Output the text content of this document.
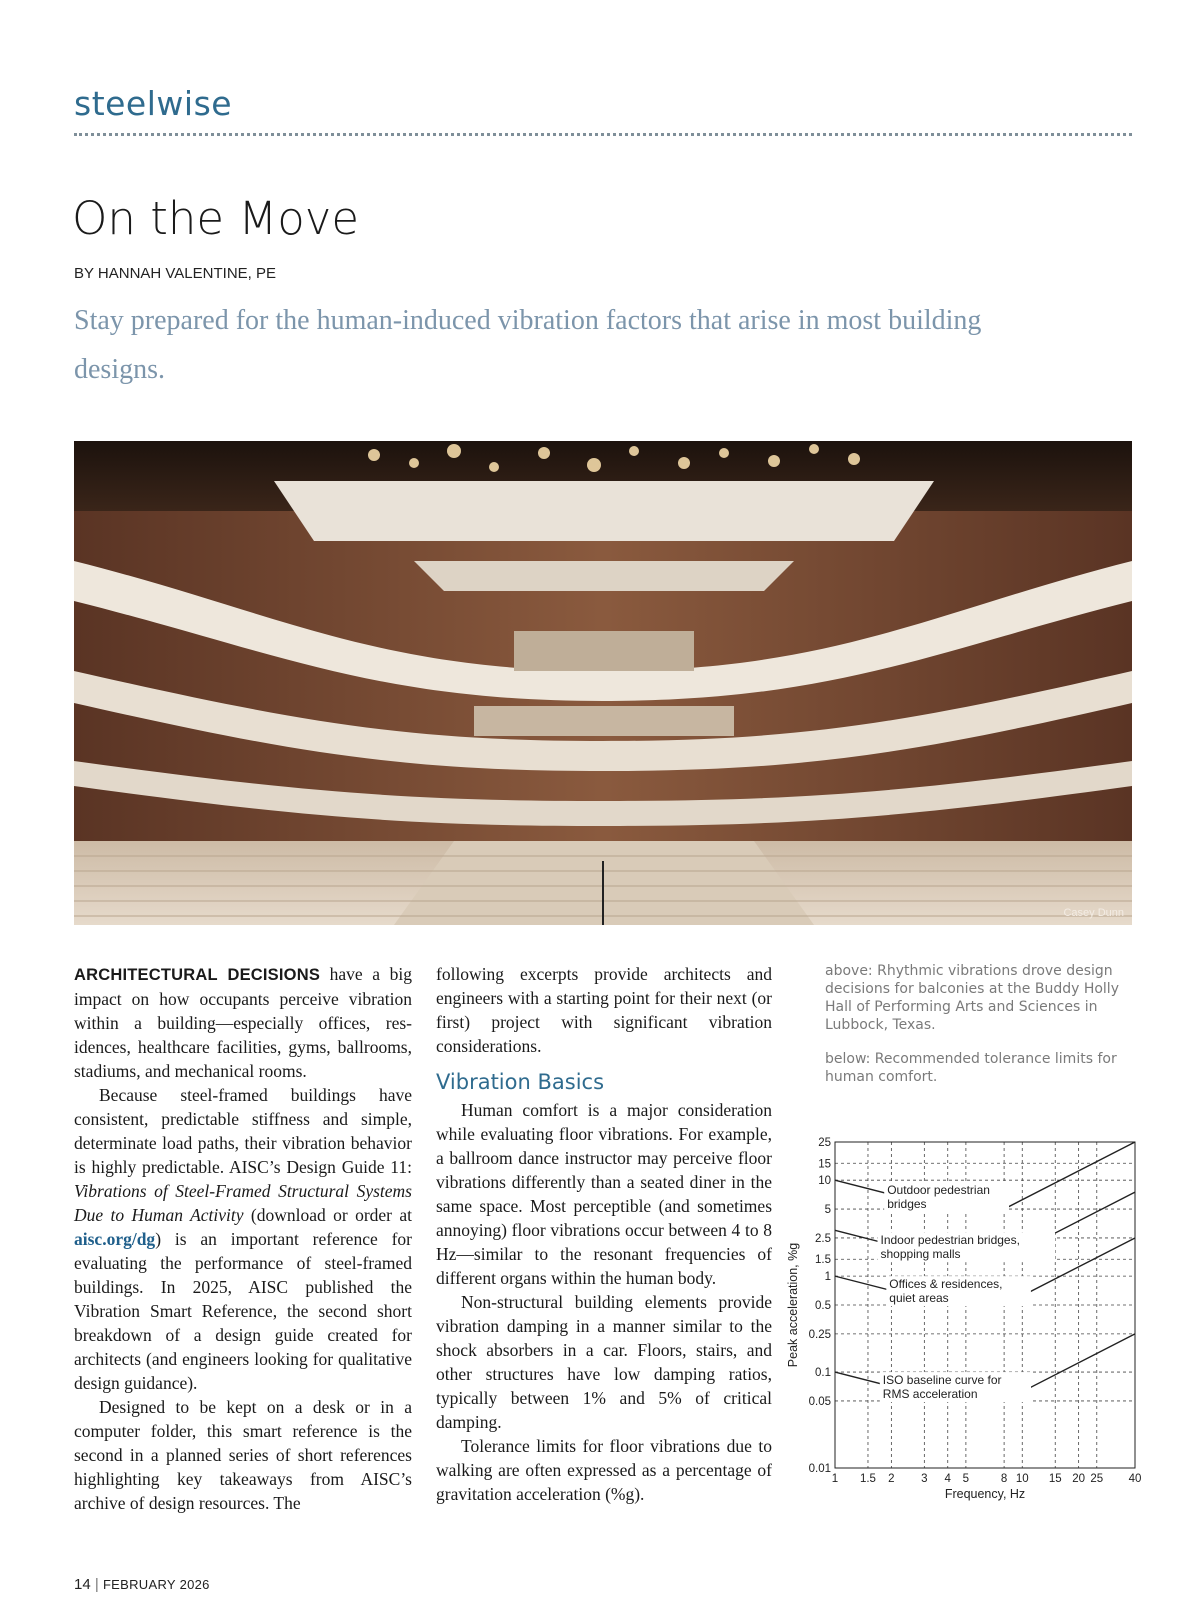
steelwise
On the Move
BY HANNAH VALENTINE, PE
Stay prepared for the human-induced vibration factors that arise in most building designs.
Casey Dunn

ARCHITECTURAL DECISIONS have a big impact on how occupants perceive vibration within a building—especially offices, residences, healthcare facilities, gyms, ballrooms, stadiums, and mechanical rooms.

Because steel-framed buildings have consistent, predictable stiffness and simple, determinate load paths, their vibration behavior is highly predictable. AISC’s Design Guide 11: Vibrations of Steel-Framed Structural Systems Due to Human Activity (download or order at aisc.org/dg) is an important reference for evaluating the performance of steel-framed buildings. In 2025, AISC published the Vibration Smart Reference, the second short breakdown of a design guide created for architects (and engineers looking for qualitative design guidance).

Designed to be kept on a desk or in a computer folder, this smart reference is the second in a planned series of short references highlighting key takeaways from AISC’s archive of design resources. The

following excerpts provide architects and engineers with a starting point for their next (or first) project with significant vibration considerations.

Vibration Basics

Human comfort is a major consideration while evaluating floor vibrations. For example, a ballroom dance instructor may perceive floor vibrations differently than a seated diner in the same space. Most perceptible (and sometimes annoying) floor vibrations occur between 4 to 8 Hz—similar to the resonant frequencies of different organs within the human body.

Non-structural building elements provide vibration damping in a manner similar to the shock absorbers in a car. Floors, stairs, and other structures have low damping ratios, typically between 1% and 5% of critical damping.

Tolerance limits for floor vibrations due to walking are often expressed as a percentage of gravitation acceleration (%g).

above: Rhythmic vibrations drove design decisions for balconies at the Buddy Holly Hall of Performing Arts and Sciences in Lubbock, Texas.
below: Recommended tolerance limits for human comfort.
1 1.5 2 3 4 5	8 10 15 20 25 40
0.01
0.05
0.1
0.25
0.5
1
1.5
2.5
5
10
15
25
Outdoor pedestrian
bridges
Indoor pedestrian bridges,
shopping malls
Offices & residences,
quiet areas
ISO baseline curve for
RMS acceleration
Frequency, Hz
Peak acceleration, %g
14 | FEBRUARY 2026
